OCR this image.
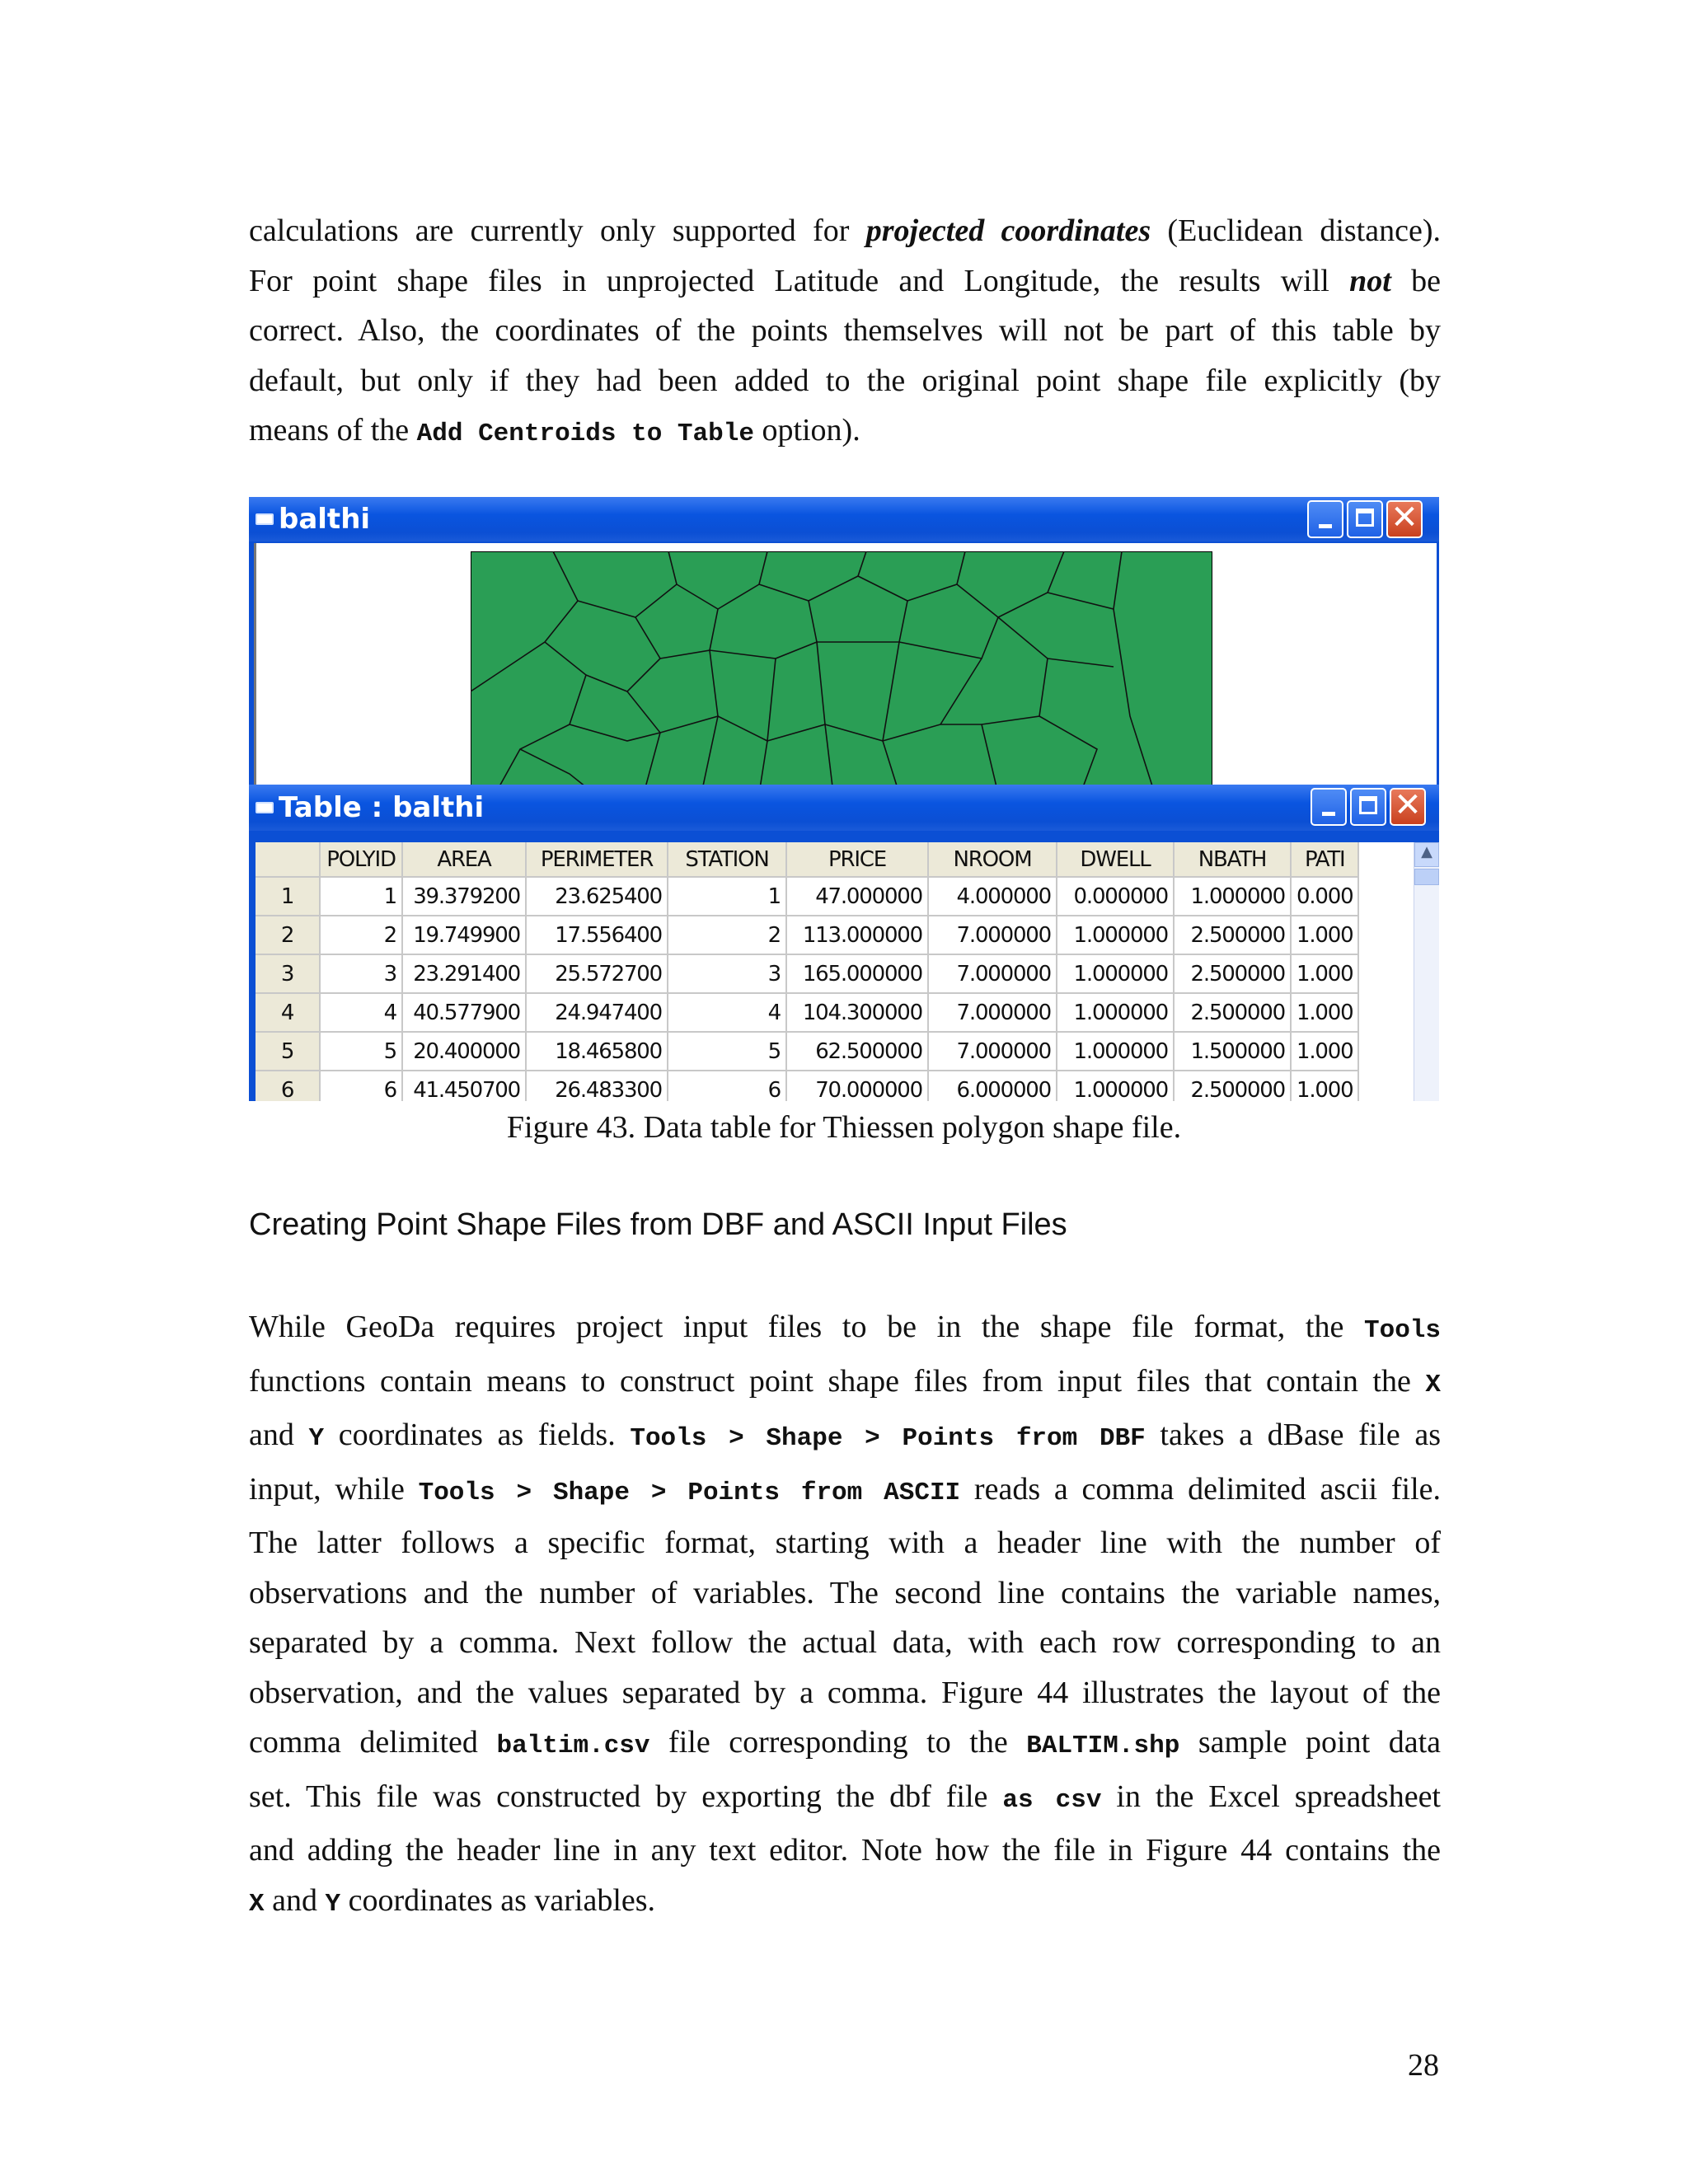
calculations are currently only supported for projected coordinates (Euclidean distance).
For point shape files in unprojected Latitude and Longitude, the results will not be
correct. Also, the coordinates of the points themselves will not be part of this table by
default, but only if they had been added to the original point shape file explicitly (by
means of the Add Centroids to Table option).
balthi	✕
Table : balthi	✕
	POLYID	AREA	PERIMETER	STATION	PRICE	NROOM	DWELL	NBATH	PATI
1	1	39.379200	23.625400	1	47.000000	4.000000	0.000000	1.000000	0.000
2	2	19.749900	17.556400	2	113.000000	7.000000	1.000000	2.500000	1.000
3	3	23.291400	25.572700	3	165.000000	7.000000	1.000000	2.500000	1.000
4	4	40.577900	24.947400	4	104.300000	7.000000	1.000000	2.500000	1.000
5	5	20.400000	18.465800	5	62.500000	7.000000	1.000000	1.500000	1.000
6	6	41.450700	26.483300	6	70.000000	6.000000	1.000000	2.500000	1.000
▲
Figure 43. Data table for Thiessen polygon shape file.
Creating Point Shape Files from DBF and ASCII Input Files
While GeoDa requires project input files to be in the shape file format, the Tools
functions contain means to construct point shape files from input files that contain the X
and Y coordinates as fields. Tools > Shape > Points from DBF takes a dBase file as
input, while Tools > Shape > Points from ASCII reads a comma delimited ascii file.
The latter follows a specific format, starting with a header line with the number of
observations and the number of variables. The second line contains the variable names,
separated by a comma. Next follow the actual data, with each row corresponding to an
observation, and the values separated by a comma. Figure 44 illustrates the layout of the
comma delimited baltim.csv file corresponding to the BALTIM.shp sample point data
set. This file was constructed by exporting the dbf file as csv in the Excel spreadsheet
and adding the header line in any text editor. Note how the file in Figure 44 contains the
X and Y coordinates as variables.
28
